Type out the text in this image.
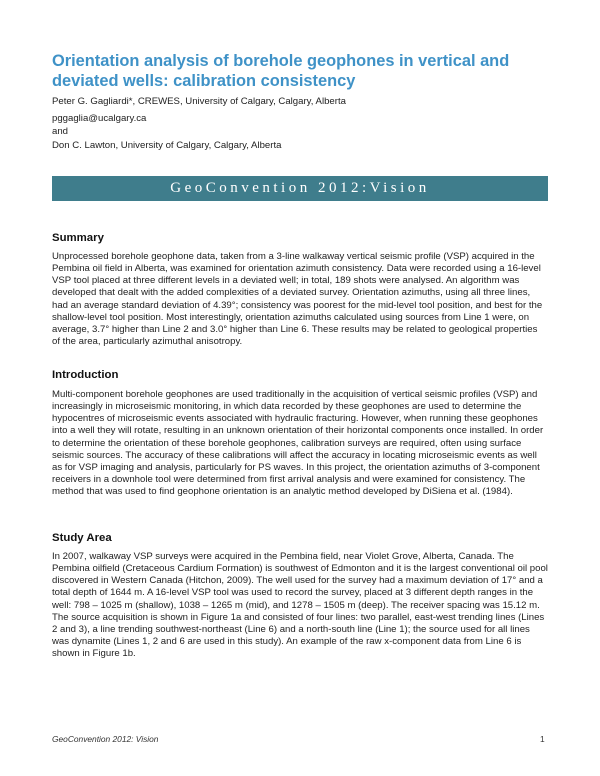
Orientation analysis of borehole geophones in vertical and deviated wells: calibration consistency
Peter G. Gagliardi*, CREWES, University of Calgary, Calgary, Alberta
pggaglia@ucalgary.ca
and
Don C. Lawton, University of Calgary, Calgary, Alberta
GeoConvention 2012:Vision
Summary

Unprocessed borehole geophone data, taken from a 3-line walkaway vertical seismic profile (VSP) acquired in the Pembina oil field in Alberta, was examined for orientation azimuth consistency. Data were recorded using a 16-level VSP tool placed at three different levels in a deviated well; in total, 189 shots were analysed. An algorithm was developed that dealt with the added complexities of a deviated survey. Orientation azimuths, using all three lines, had an average standard deviation of 4.39°; consistency was poorest for the mid-level tool position, and best for the shallow-level tool position. Most interestingly, orientation azimuths calculated using sources from Line 1 were, on average, 3.7° higher than Line 2 and 3.0° higher than Line 6. These results may be related to geological properties of the area, particularly azimuthal anisotropy.

Introduction

Multi-component borehole geophones are used traditionally in the acquisition of vertical seismic profiles (VSP) and increasingly in microseismic monitoring, in which data recorded by these geophones are used to determine the hypocentres of microseismic events associated with hydraulic fracturing. However, when running these geophones into a well they will rotate, resulting in an unknown orientation of their horizontal components once installed. In order to determine the orientation of these borehole geophones, calibration surveys are required, often using surface seismic sources. The accuracy of these calibrations will affect the accuracy in locating microseismic events as well as for VSP imaging and analysis, particularly for PS waves. In this project, the orientation azimuths of 3-component receivers in a downhole tool were determined from first arrival analysis and were examined for consistency. The method that was used to find geophone orientation is an analytic method developed by DiSiena et al. (1984).

Study Area

In 2007, walkaway VSP surveys were acquired in the Pembina field, near Violet Grove, Alberta, Canada. The Pembina oilfield (Cretaceous Cardium Formation) is southwest of Edmonton and it is the largest conventional oil pool discovered in Western Canada (Hitchon, 2009). The well used for the survey had a maximum deviation of 17° and a total depth of 1644 m. A 16-level VSP tool was used to record the survey, placed at 3 different depth ranges in the well: 798 – 1025 m (shallow), 1038 – 1265 m (mid), and 1278 – 1505 m (deep). The receiver spacing was 15.12 m. The source acquisition is shown in Figure 1a and consisted of four lines: two parallel, east-west trending lines (Lines 2 and 3), a line trending southwest-northeast (Line 6) and a north-south line (Line 1); the source used for all lines was dynamite (Lines 1, 2 and 6 are used in this study). An example of the raw x-component data from Line 6 is shown in Figure 1b.

GeoConvention 2012: Vision	1
